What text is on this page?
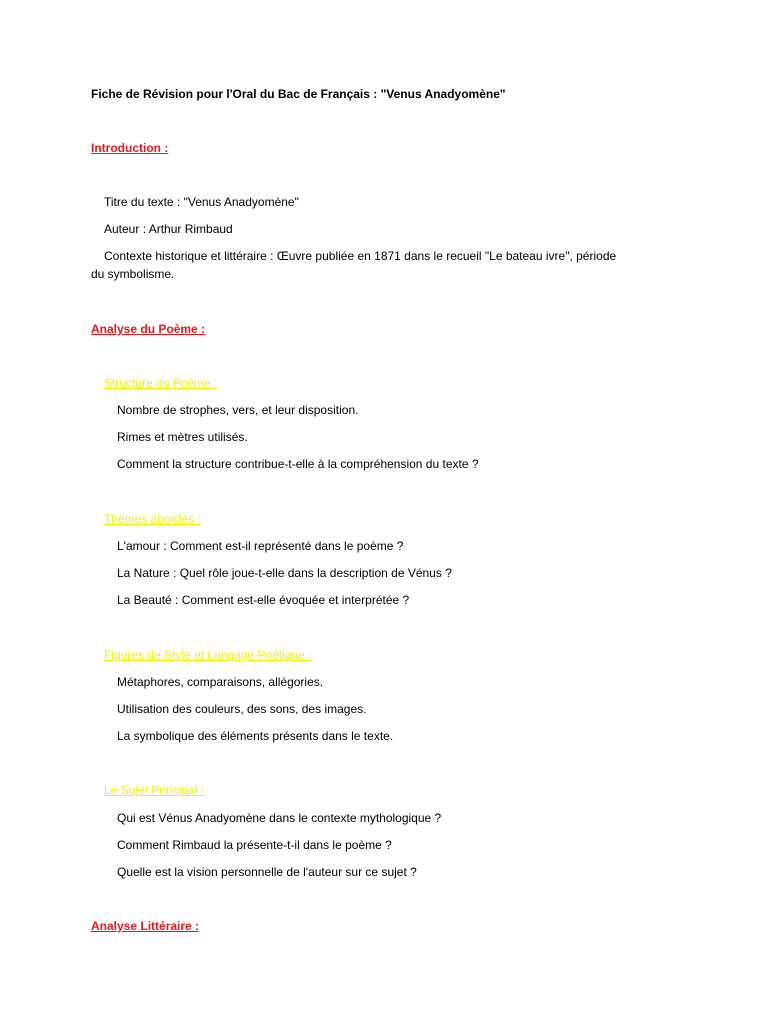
Fiche de Révision pour l'Oral du Bac de Français : "Venus Anadyomène"
Introduction :
Titre du texte : "Venus Anadyomène"
Auteur : Arthur Rimbaud
Contexte historique et littéraire : Œuvre publiée en 1871 dans le recueil "Le bateau ivre", période
du symbolisme.
Analyse du Poème :
Structure du Poème :
Nombre de strophes, vers, et leur disposition.
Rimes et mètres utilisés.
Comment la structure contribue-t-elle à la compréhension du texte ?
Thèmes abordés :
L'amour : Comment est-il représenté dans le poème ?
La Nature : Quel rôle joue-t-elle dans la description de Vénus ?
La Beauté : Comment est-elle évoquée et interprétée ?
Figures de Style et Langage Poétique :
Métaphores, comparaisons, allégories.
Utilisation des couleurs, des sons, des images.
La symbolique des éléments présents dans le texte.
Le Sujet Principal :
Qui est Vénus Anadyomène dans le contexte mythologique ?
Comment Rimbaud la présente-t-il dans le poème ?
Quelle est la vision personnelle de l'auteur sur ce sujet ?
Analyse Littéraire :
